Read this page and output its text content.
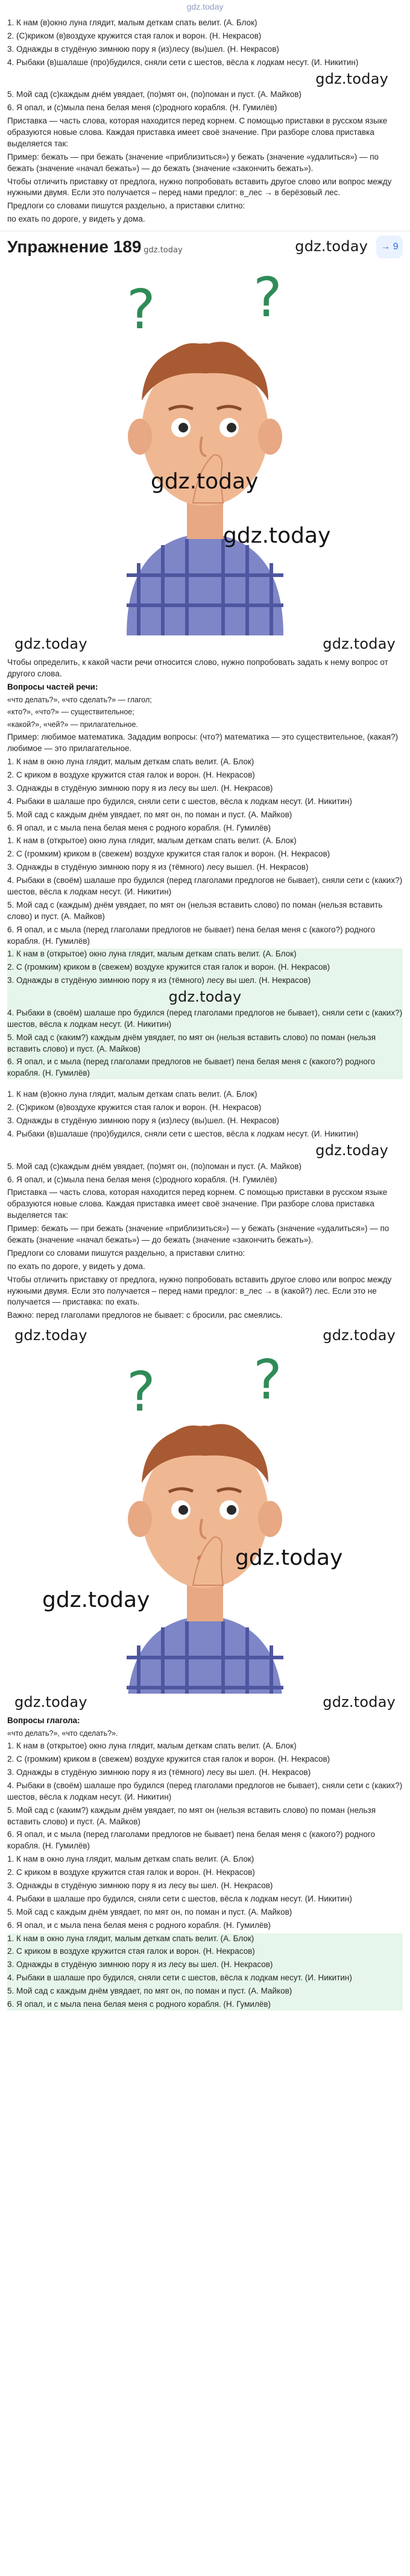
gdz.today
1. К нам (в)окно луна глядит, малым деткам спать велит. (А. Блок)
2. (С)криком (в)воздухе кружится стая галок и ворон. (Н. Некрасов)
3. Однажды в студёную зимнюю пору я (из)лесу (вы)шел. (Н. Некрасов)
4. Рыбаки (в)шалаше (про)будился, сняли сети с шестов, вёсла к лодкам несут. (И. Никитин)
gdz.today
5. Мой сад (с)каждым днём увядает, (по)мят он, (по)поман и пуст. (А. Майков)
6. Я опал, и (с)мыла пена белая меня (с)родного корабля. (Н. Гумилёв)
Приставка — часть слова, которая находится перед корнем. С помощью приставки в русском языке образуются новые слова. Каждая приставка имеет своё значение. При разборе слова приставка выделяется так:
Пример: бежать — при бежать (значение «приблизиться») у бежать (значение «удалиться») — по бежать (значение «начал бежать») — до бежать (значение «закончить бежать»).
Чтобы отличить приставку от предлога, нужно попробовать вставить другое слово или вопрос между нужными двумя. Если это получается – перед нами предлог: в_лес → в берёзовый лес.
Предлоги со словами пишутся раздельно, а приставки слитно:
по ехать по дороге, у видеть у дома.
Упражнение 189 gdz.today	gdz.today → 9
? ?
gdz.today
gdz.today
gdz.today	gdz.today
Чтобы определить, к какой части речи относится слово, нужно попробовать задать к нему вопрос от другого слова.
Вопросы частей речи:
«что делать?», «что сделать?» — глагол;
«кто?», «что?» — существительное;
«какой?», «чей?» — прилагательное.
Пример: любимое математика. Зададим вопросы: (что?) математика — это существительное, (какая?) любимое — это прилагательное.
1. К нам в окно луна глядит, малым деткам спать велит. (А. Блок)
2. С криком в воздухе кружится стая галок и ворон. (Н. Некрасов)
3. Однажды в студёную зимнюю пору я из лесу вы шел. (Н. Некрасов)
4. Рыбаки в шалаше про будился, сняли сети с шестов, вёсла к лодкам несут. (И. Никитин)
5. Мой сад с каждым днём увядает, по мят он, по поман и пуст. (А. Майков)
6. Я опал, и с мыла пена белая меня с родного корабля. (Н. Гумилёв)
1. К нам в (открытое) окно луна глядит, малым деткам спать велит. (А. Блок)
2. С (громким) криком в (свежем) воздухе кружится стая галок и ворон. (Н. Некрасов)
3. Однажды в студёную зимнюю пору я из (тёмного) лесу вышел. (Н. Некрасов)
4. Рыбаки в (своём) шалаше про будился (перед глаголами предлогов не бывает), сняли сети с (каких?) шестов, вёсла к лодкам несут. (И. Никитин)
5. Мой сад с (каждым) днём увядает, по мят он (нельзя вставить слово) по поман (нельзя вставить слово) и пуст. (А. Майков)
6. Я опал, и с мыла (перед глаголами предлогов не бывает) пена белая меня с (какого?) родного корабля. (Н. Гумилёв)
1. К нам в (открытое) окно луна глядит, малым деткам спать велит. (А. Блок)
2. С (громким) криком в (свежем) воздухе кружится стая галок и ворон. (Н. Некрасов)
3. Однажды в студёную зимнюю пору я из (тёмного) лесу вы шел. (Н. Некрасов)
gdz.today
4. Рыбаки в (своём) шалаше про будился (перед глаголами предлогов не бывает), сняли сети с (каких?) шестов, вёсла к лодкам несут. (И. Никитин)
5. Мой сад с (каким?) каждым днём увядает, по мят он (нельзя вставить слово) по поман (нельзя вставить слово) и пуст. (А. Майков)
6. Я опал, и с мыла (перед глаголами предлогов не бывает) пена белая меня с (какого?) родного корабля. (Н. Гумилёв)
1. К нам (в)окно луна глядит, малым деткам спать велит. (А. Блок)
2. (С)криком (в)воздухе кружится стая галок и ворон. (Н. Некрасов)
3. Однажды в студёную зимнюю пору я (из)лесу (вы)шел. (Н. Некрасов)
4. Рыбаки (в)шалаше (про)будился, сняли сети с шестов, вёсла к лодкам несут. (И. Никитин)
gdz.today
5. Мой сад (с)каждым днём увядает, (по)мят он, (по)поман и пуст. (А. Майков)
6. Я опал, и (с)мыла пена белая меня (с)родного корабля. (Н. Гумилёв)
Приставка — часть слова, которая находится перед корнем. С помощью приставки в русском языке образуются новые слова. Каждая приставка имеет своё значение. При разборе слова приставка выделяется так:
Пример: бежать — при бежать (значение «приблизиться») — у бежать (значение «удалиться») — по бежать (значение «начал бежать») — до бежать (значение «закончить бежать»).
Предлоги со словами пишутся раздельно, а приставки слитно:
по ехать по дороге, у видеть у дома.
Чтобы отличить приставку от предлога, нужно попробовать вставить другое слово или вопрос между нужными двумя. Если это получается – перед нами предлог: в_лес → в (какой?) лес. Если это не получается — приставка: по ехать.
Важно: перед глаголами предлогов не бывает: с бросили, рас смеялись.
gdz.today	gdz.today
? ?
gdz.today
gdz.today
gdz.today	gdz.today
Вопросы глагола:
«что делать?», «что сделать?».
1. К нам в (открытое) окно луна глядит, малым деткам спать велит. (А. Блок)
2. С (громким) криком в (свежем) воздухе кружится стая галок и ворон. (Н. Некрасов)
3. Однажды в студёную зимнюю пору я из (тёмного) лесу вы шел. (Н. Некрасов)
4. Рыбаки в (своём) шалаше про будился (перед глаголами предлогов не бывает), сняли сети с (каких?) шестов, вёсла к лодкам несут. (И. Никитин)
5. Мой сад с (каким?) каждым днём увядает, по мят он (нельзя вставить слово) по поман (нельзя вставить слово) и пуст. (А. Майков)
6. Я опал, и с мыла (перед глаголами предлогов не бывает) пена белая меня с (какого?) родного корабля. (Н. Гумилёв)
1. К нам в окно луна глядит, малым деткам спать велит. (А. Блок)
2. С криком в воздухе кружится стая галок и ворон. (Н. Некрасов)
3. Однажды в студёную зимнюю пору я из лесу вы шел. (Н. Некрасов)
4. Рыбаки в шалаше про будился, сняли сети с шестов, вёсла к лодкам несут. (И. Никитин)
5. Мой сад с каждым днём увядает, по мят он, по поман и пуст. (А. Майков)
6. Я опал, и с мыла пена белая меня с родного корабля. (Н. Гумилёв)
1. К нам в окно луна глядит, малым деткам спать велит. (А. Блок)
2. С криком в воздухе кружится стая галок и ворон. (Н. Некрасов)
3. Однажды в студёную зимнюю пору я из лесу вы шел. (Н. Некрасов)
4. Рыбаки в шалаше про будился, сняли сети с шестов, вёсла к лодкам несут. (И. Никитин)
5. Мой сад с каждым днём увядает, по мят он, по поман и пуст. (А. Майков)
6. Я опал, и с мыла пена белая меня с родного корабля. (Н. Гумилёв)
